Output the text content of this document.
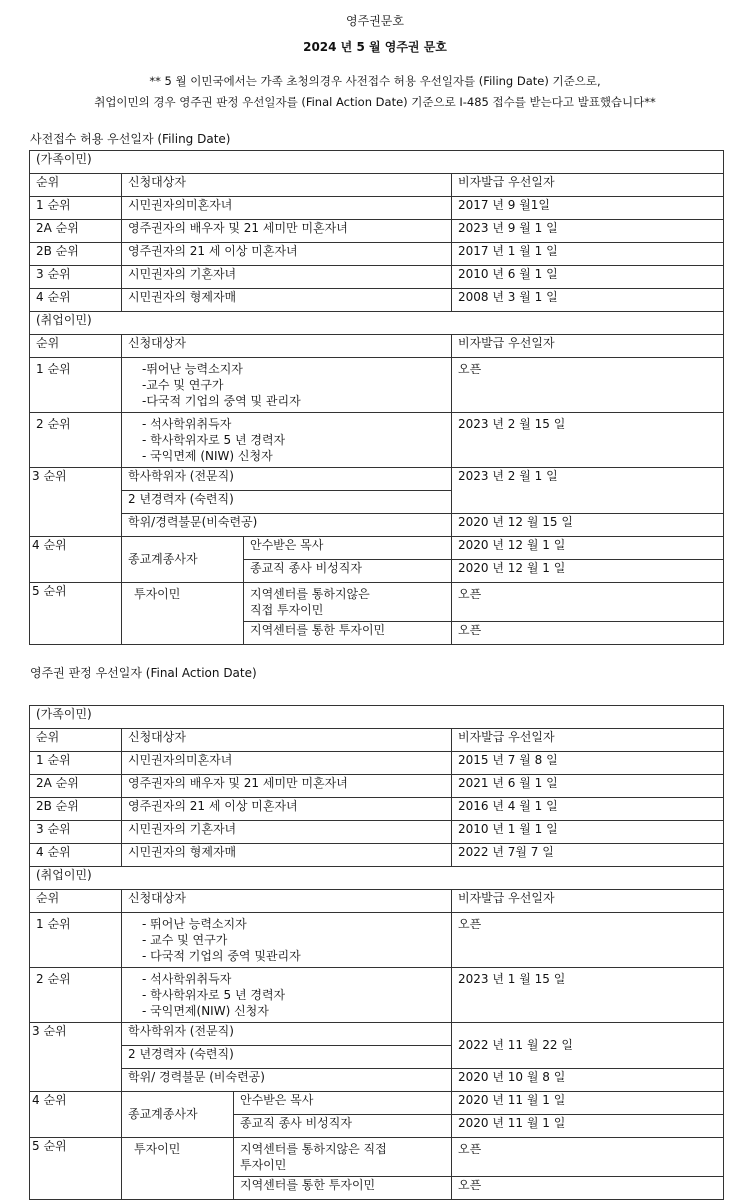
영주권문호
2024 년 5 월 영주권 문호
** 5 월 이민국에서는 가족 초청의경우 사전접수 허용 우선일자를 (Filing Date) 기준으로,
취업이민의 경우 영주권 판정 우선일자를 (Final Action Date) 기준으로 I-485 접수를 받는다고 발표했습니다**
사전접수 허용 우선일자 (Filing Date)
(가족이민)			
순위	신청대상자		비자발급 우선일자
1 순위	시민권자의미혼자녀		2017 년 9 월1일
2A 순위	영주권자의 배우자 및 21 세미만 미혼자녀		2023 년 9 월 1 일
2B 순위	영주권자의 21 세 이상 미혼자녀		2017 년 1 월 1 일
3 순위	시민권자의 기혼자녀		2010 년 6 월 1 일
4 순위	시민권자의 형제자매		2008 년 3 월 1 일
(취업이민)			
순위	신청대상자		비자발급 우선일자
1 순위	-뛰어난 능력소지자
-교수 및 연구가
-다국적 기업의 중역 및 관리자		오픈
2 순위	- 석사학위취득자
- 학사학위자로 5 년 경력자
- 국익면제 (NIW) 신청자		2023 년 2 월 15 일
3 순위	학사학위자 (전문직)		2023 년 2 월 1 일
	2 년경력자 (숙련직)		
	학위/경력불문(비숙련공)		2020 년 12 월 15 일
4 순위	종교계종사자	안수받은 목사	2020 년 12 월 1 일
		종교직 종사 비성직자	2020 년 12 월 1 일
5 순위	투자이민	지역센터를 통하지않은
직접 투자이민	오픈

		지역센터를 통한 투자이민	오픈
영주권 판정 우선일자 (Final Action Date)
(가족이민)			
순위	신청대상자		비자발급 우선일자
1 순위	시민권자의미혼자녀		2015 년 7 월 8 일
2A 순위	영주권자의 배우자 및 21 세미만 미혼자녀		2021 년 6 월 1 일
2B 순위	영주권자의 21 세 이상 미혼자녀		2016 년 4 월 1 일
3 순위	시민권자의 기혼자녀		2010 년 1 월 1 일
4 순위	시민권자의 형제자매		2022 년 7월 7 일
(취업이민)			
순위	신청대상자		비자발급 우선일자
1 순위	- 뛰어난 능력소지자
- 교수 및 연구가
- 다국적 기업의 중역 및관리자		오픈
2 순위	- 석사학위취득자
- 학사학위자로 5 년 경력자
- 국익면제(NIW) 신청자		2023 년 1 월 15 일
3 순위	학사학위자 (전문직)		2022 년 11 월 22 일
	2 년경력자 (숙련직)		
	학위/ 경력불문 (비숙련공)		2020 년 10 월 8 일
4 순위	종교계종사자	안수받은 목사	2020 년 11 월 1 일
		종교직 종사 비성직자	2020 년 11 월 1 일
5 순위	투자이민	지역센터를 통하지않은 직접
투자이민	오픈

		지역센터를 통한 투자이민	오픈
